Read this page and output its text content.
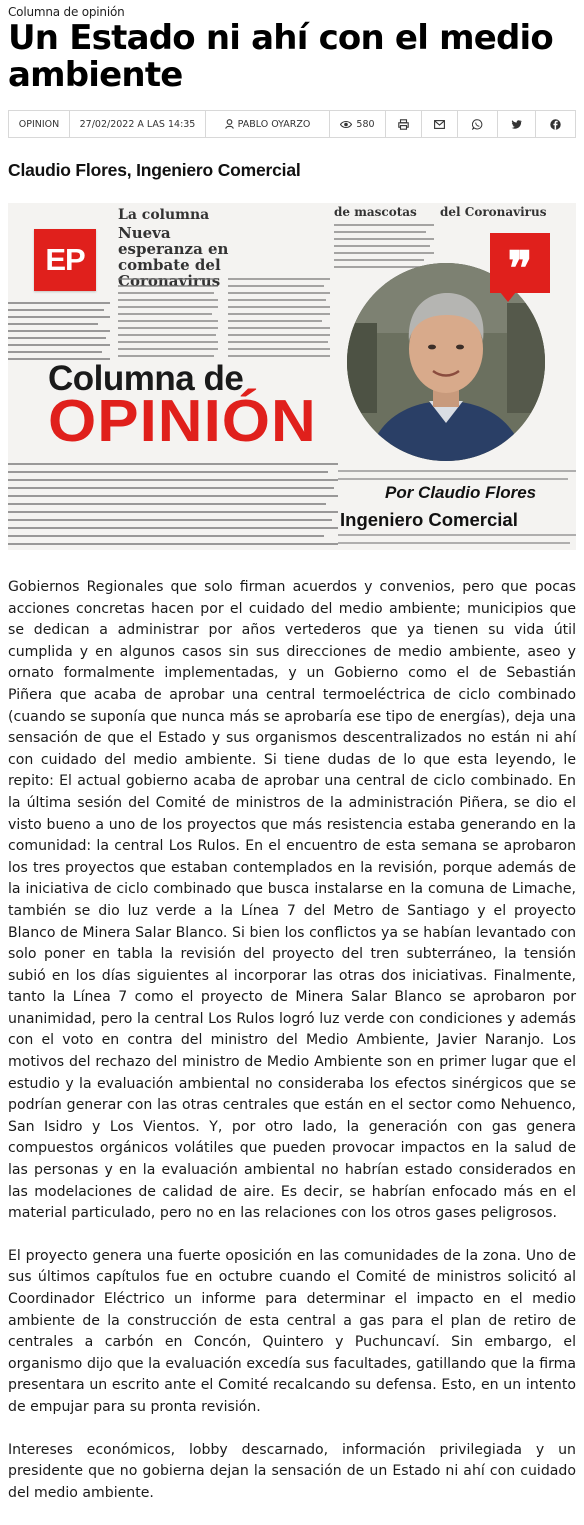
Columna de opinión
Un Estado ni ahí con el medio ambiente
OPINION 27/02/2022 A LAS 14:35	PABLO OYARZO	580
Claudio Flores, Ingeniero Comercial
La columna
Nueva esperanza en combate del Coronavirus
de mascotas del Coronavirus
EP
Columna de
OPINIÓN
❞
Por Claudio Flores
Ingeniero Comercial

Gobiernos Regionales que solo firman acuerdos y convenios, pero que pocas acciones concretas hacen por el cuidado del medio ambiente; municipios que se dedican a administrar por años vertederos que ya tienen su vida útil cumplida y en algunos casos sin sus direcciones de medio ambiente, aseo y ornato formalmente implementadas, y un Gobierno como el de Sebastián Piñera que acaba de aprobar una central termoeléctrica de ciclo combinado (cuando se suponía que nunca más se aprobaría ese tipo de energías), deja una sensación de que el Estado y sus organismos descentralizados no están ni ahí con cuidado del medio ambiente. Si tiene dudas de lo que esta leyendo, le repito: El actual gobierno acaba de aprobar una central de ciclo combinado. En la última sesión del Comité de ministros de la administración Piñera, se dio el visto bueno a uno de los proyectos que más resistencia estaba generando en la comunidad: la central Los Rulos. En el encuentro de esta semana se aprobaron los tres proyectos que estaban contemplados en la revisión, porque además de la iniciativa de ciclo combinado que busca instalarse en la comuna de Limache, también se dio luz verde a la Línea 7 del Metro de Santiago y el proyecto Blanco de Minera Salar Blanco. Si bien los conflictos ya se habían levantado con solo poner en tabla la revisión del proyecto del tren subterráneo, la tensión subió en los días siguientes al incorporar las otras dos iniciativas. Finalmente, tanto la Línea 7 como el proyecto de Minera Salar Blanco se aprobaron por unanimidad, pero la central Los Rulos logró luz verde con condiciones y además con el voto en contra del ministro del Medio Ambiente, Javier Naranjo. Los motivos del rechazo del ministro de Medio Ambiente son en primer lugar que el estudio y la evaluación ambiental no consideraba los efectos sinérgicos que se podrían generar con las otras centrales que están en el sector como Nehuenco, San Isidro y Los Vientos. Y, por otro lado, la generación con gas genera compuestos orgánicos volátiles que pueden provocar impactos en la salud de las personas y en la evaluación ambiental no habrían estado considerados en las modelaciones de calidad de aire. Es decir, se habrían enfocado más en el material particulado, pero no en las relaciones con los otros gases peligrosos.

El proyecto genera una fuerte oposición en las comunidades de la zona. Uno de sus últimos capítulos fue en octubre cuando el Comité de ministros solicitó al Coordinador Eléctrico un informe para determinar el impacto en el medio ambiente de la construcción de esta central a gas para el plan de retiro de centrales a carbón en Concón, Quintero y Puchuncaví. Sin embargo, el organismo dijo que la evaluación excedía sus facultades, gatillando que la firma presentara un escrito ante el Comité recalcando su defensa. Esto, en un intento de empujar para su pronta revisión.

Intereses económicos, lobby descarnado, información privilegiada y un presidente que no gobierna dejan la sensación de un Estado ni ahí con cuidado del medio ambiente.
